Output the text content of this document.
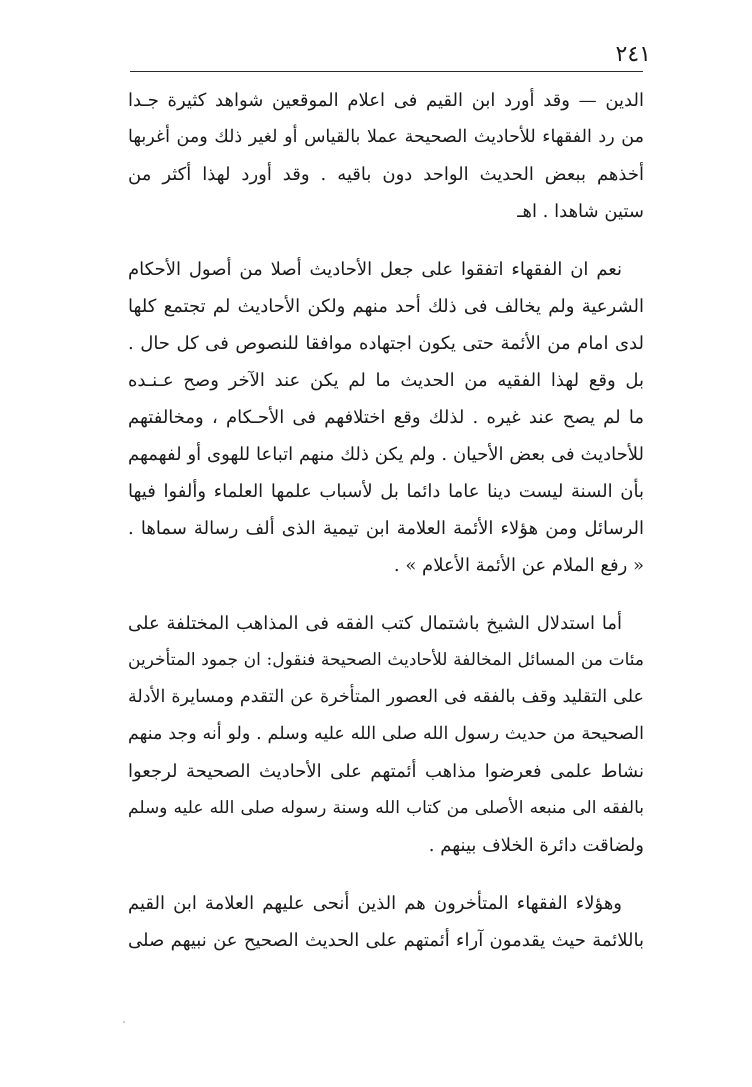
٢٤١
الدين — وقد أورد ابن القيم فى اعلام الموقعين شواهد كثيرة جـدا
من رد الفقهاء للأحاديث الصحيحة عملا بالقياس أو لغير ذلك ومن أغربها
أخذهم ببعض الحديث الواحد دون باقيه . وقد أورد لهذا أكثر من
ستين شاهدا . اهـ
نعم ان الفقهاء اتفقوا على جعل الأحاديث أصلا من أصول الأحكام
الشرعية ولم يخالف فى ذلك أحد منهم ولكن الأحاديث لم تجتمع كلها
لدى امام من الأئمة حتى يكون اجتهاده موافقا للنصوص فى كل حال .
بل وقع لهذا الفقيه من الحديث ما لم يكن عند الآخر وصح عـنـده
ما لم يصح عند غيره . لذلك وقع اختلافهم فى الأحـكام ، ومخالفتهم
للأحاديث فى بعض الأحيان . ولم يكن ذلك منهم اتباعا للهوى أو لفهمهم
بأن السنة ليست دينا عاما دائما بل لأسباب علمها العلماء وألفوا فيها
الرسائل ومن هؤلاء الأئمة العلامة ابن تيمية الذى ألف رسالة سماها .
« رفع الملام عن الأئمة الأعلام » .
أما استدلال الشيخ باشتمال كتب الفقه فى المذاهب المختلفة على
مئات من المسائل المخالفة للأحاديث الصحيحة فنقول: ان جمود المتأخرين
على التقليد وقف بالفقه فى العصور المتأخرة عن التقدم ومسايرة الأدلة
الصحيحة من حديث رسول الله صلى الله عليه وسلم . ولو أنه وجد منهم
نشاط علمى فعرضوا مذاهب أئمتهم على الأحاديث الصحيحة لرجعوا
بالفقه الى منبعه الأصلى من كتاب الله وسنة رسوله صلى الله عليه وسلم
ولضاقت دائرة الخلاف بينهم .
وهؤلاء الفقهاء المتأخرون هم الذين أنحى عليهم العلامة ابن القيم
باللائمة حيث يقدمون آراء أئمتهم على الحديث الصحيح عن نبيهم صلى
